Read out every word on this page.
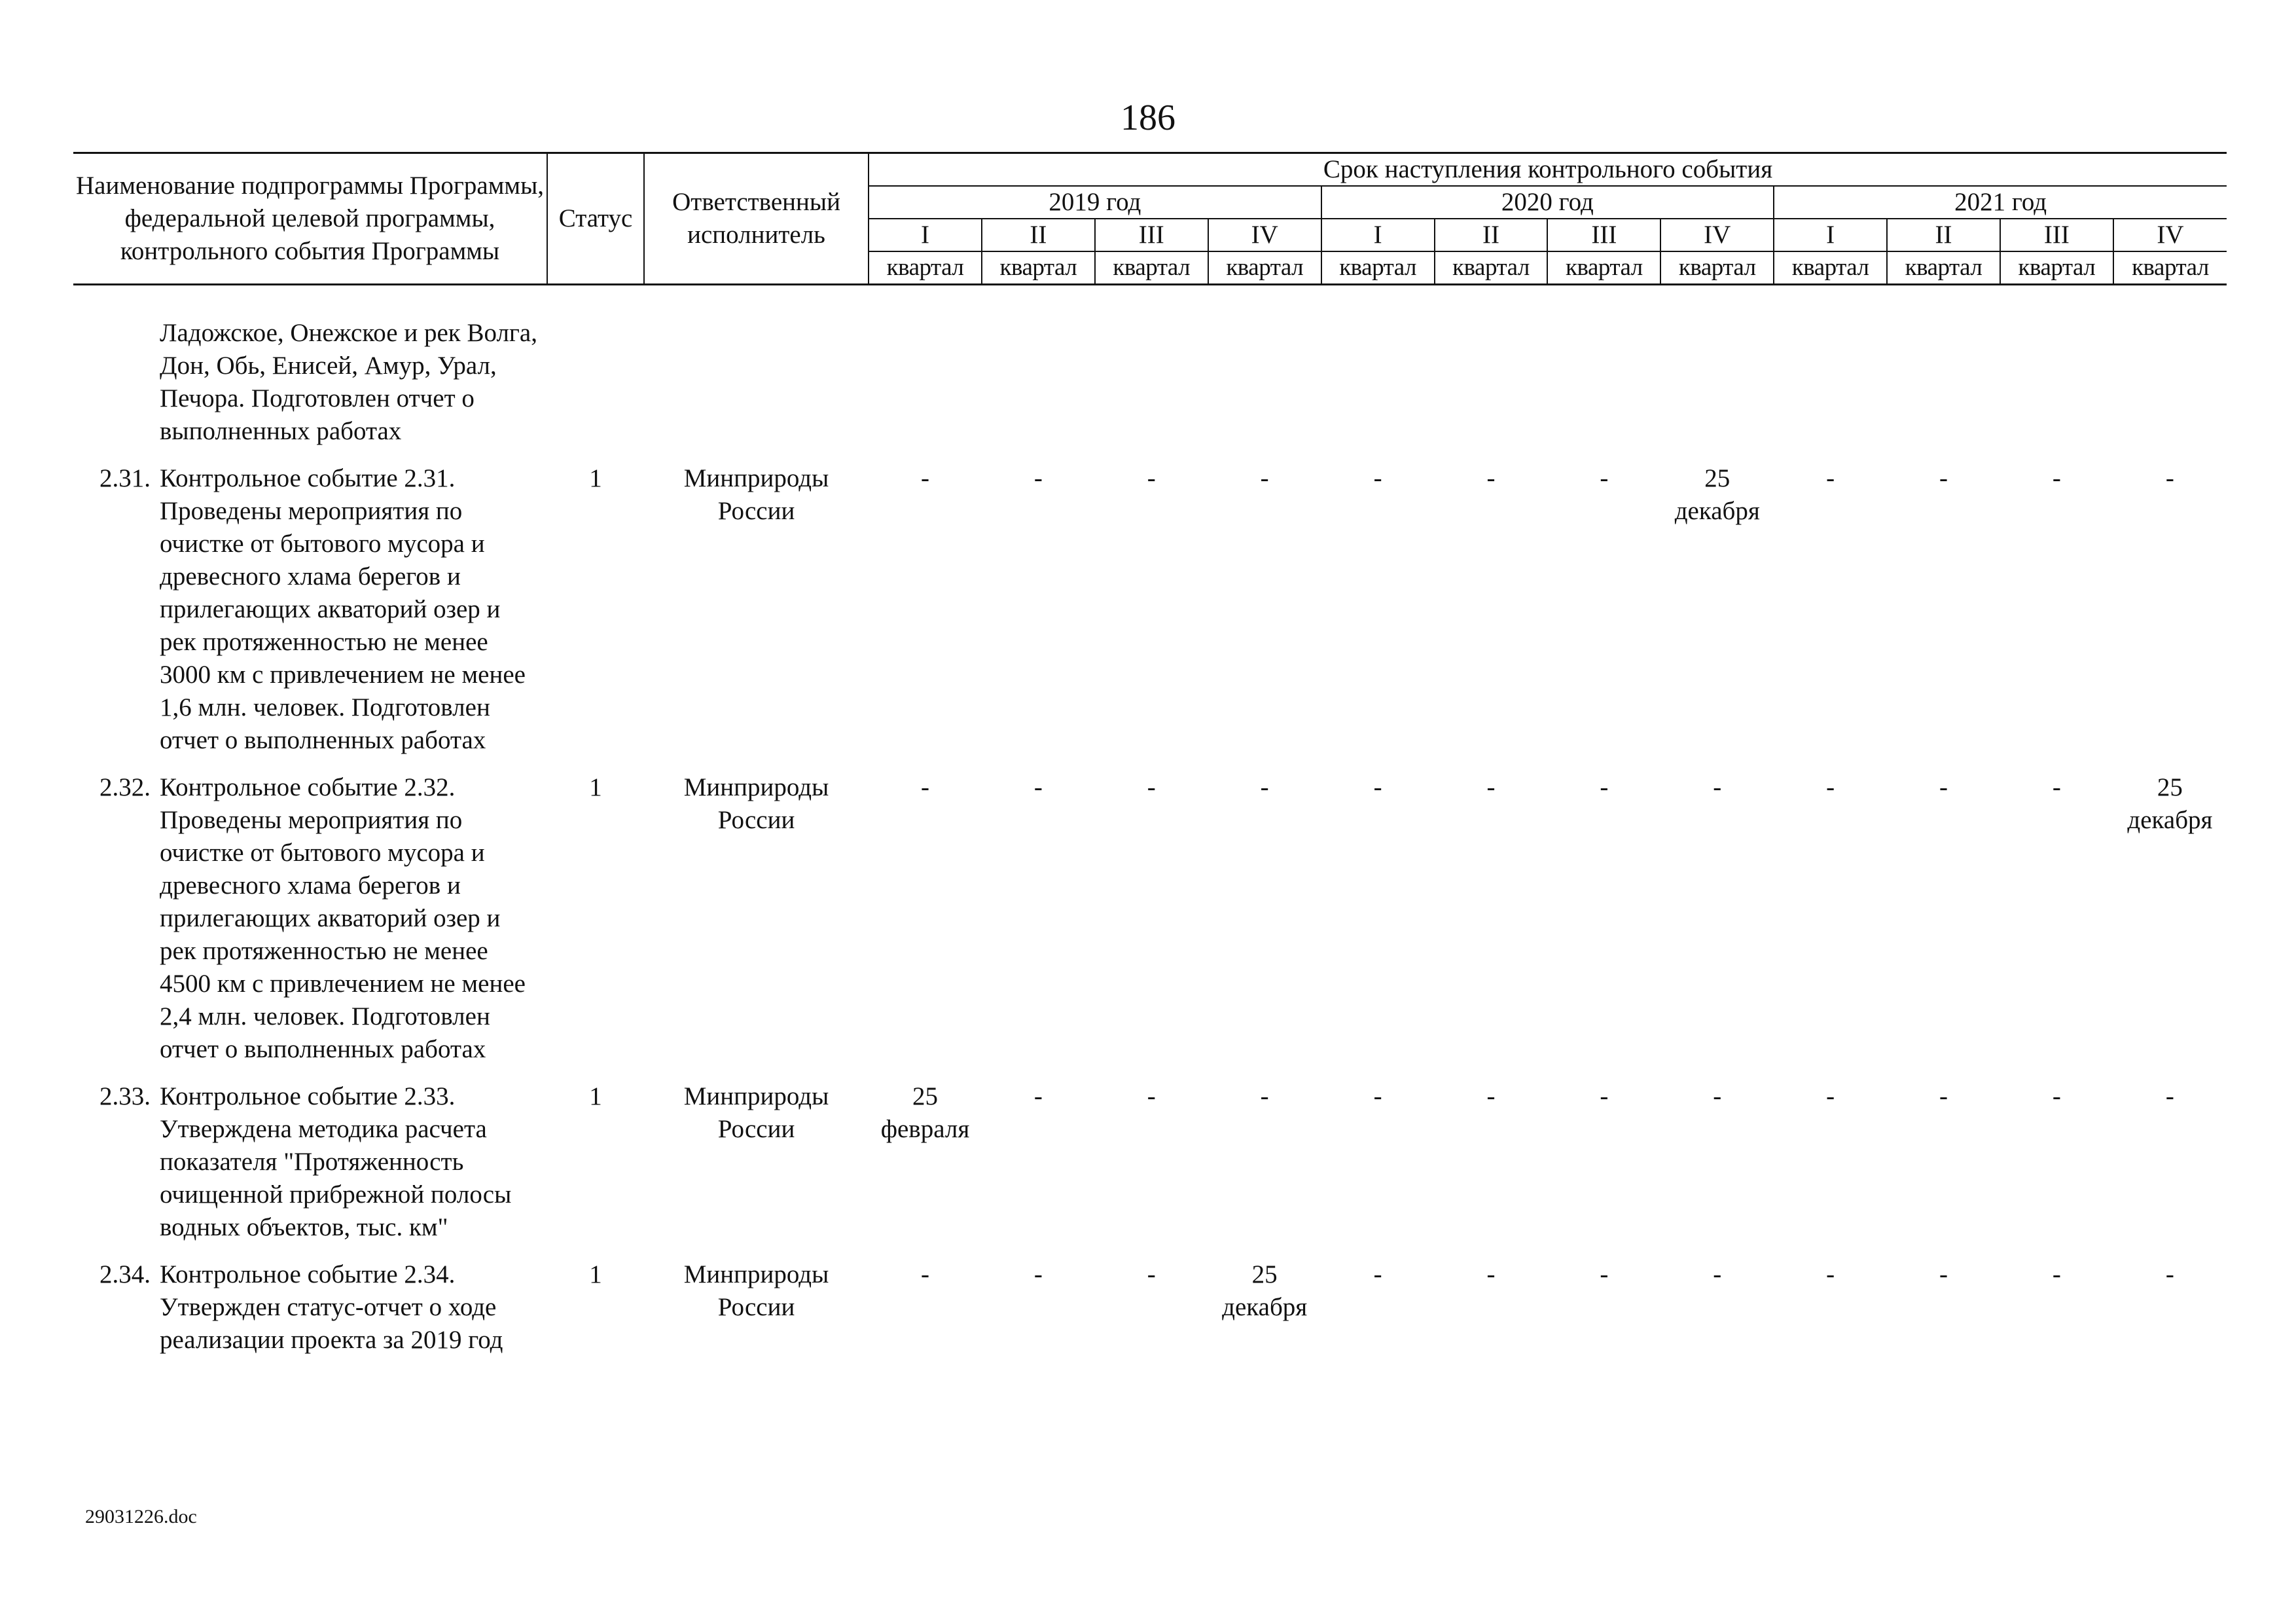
186
Наименование подпрограммы Программы, федеральной целевой программы, контрольного события Программы	Статус	Ответственный исполнитель	Срок наступления контрольного события											
			2019 год				2020 год				2021 год			
			I	II	III	IV	I	II	III	IV	I	II	III	IV
			квартал	квартал	квартал	квартал	квартал	квартал	квартал	квартал	квартал	квартал	квартал	квартал

Ладожское, Онежское и рек Волга, Дон, Обь, Енисей, Амур, Урал, Печора. Подготовлен отчет о выполненных работах														

2.31. Контрольное событие 2.31. Проведены мероприятия по очистке от бытового мусора и древесного хлама берегов и прилегающих акваторий озер и рек протяженностью не менее 3000 км с привлечением не менее 1,6 млн. человек. Подготовлен отчет о выполненных работах	1	Минприроды России	-	-	-	-	-	-	-	25 декабря	-	-	-	-

2.32. Контрольное событие 2.32. Проведены мероприятия по очистке от бытового мусора и древесного хлама берегов и прилегающих акваторий озер и рек протяженностью не менее 4500 км с привлечением не менее 2,4 млн. человек. Подготовлен отчет о выполненных работах	1	Минприроды России	-	-	-	-	-	-	-	-	-	-	-	25 декабря

2.33. Контрольное событие 2.33. Утверждена методика расчета показателя "Протяженность очищенной прибрежной полосы водных объектов, тыс. км"	1	Минприроды России	25 февраля	-	-	-	-	-	-	-	-	-	-	-

2.34. Контрольное событие 2.34. Утвержден статус-отчет о ходе реализации проекта за 2019 год	1	Минприроды России	-	-	-	25 декабря	-	-	-	-	-	-	-	-
29031226.doc
